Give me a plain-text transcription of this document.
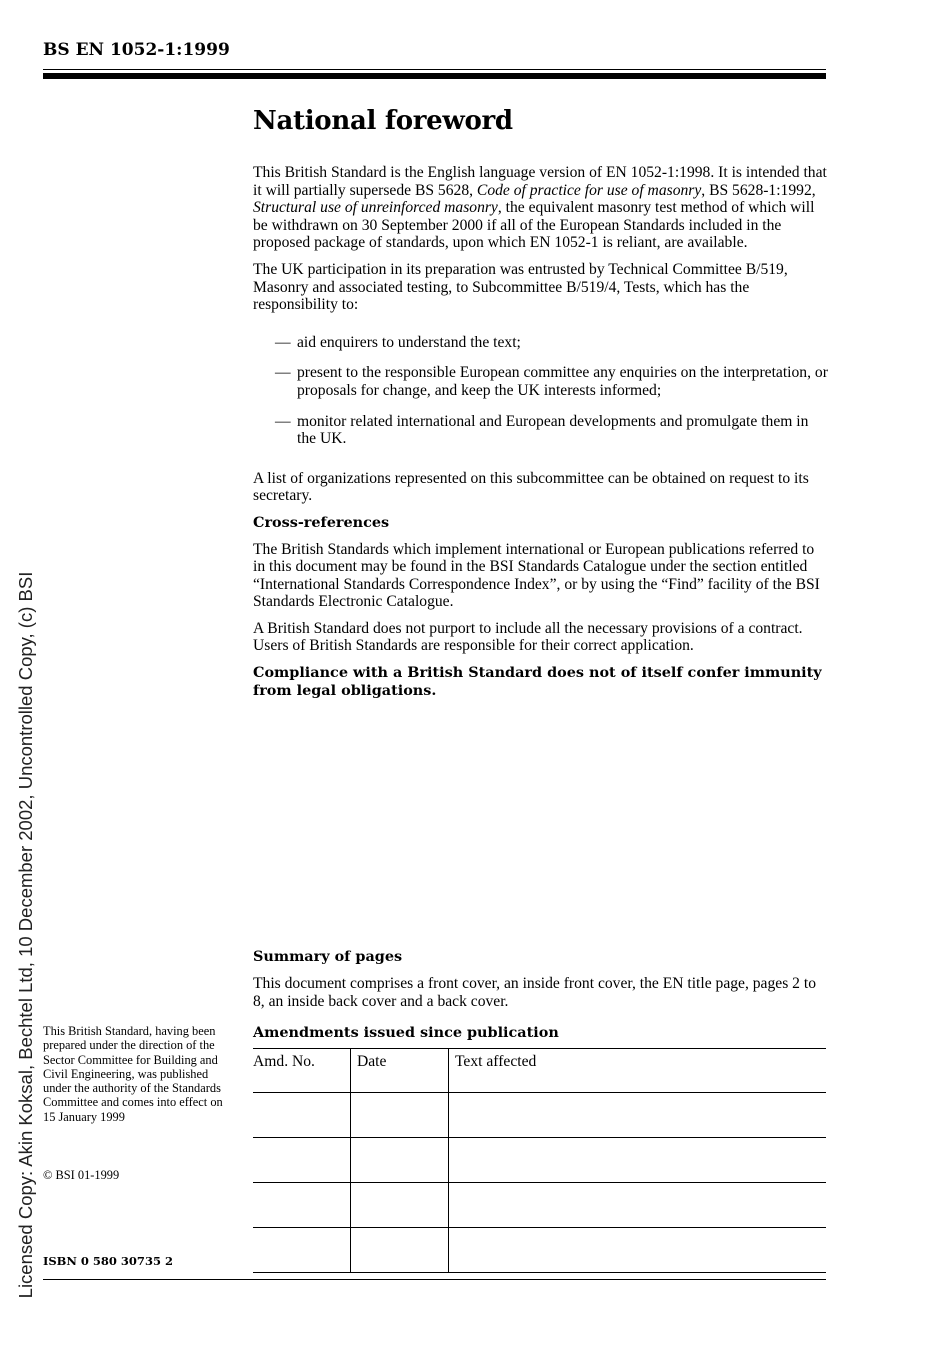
BS EN 1052-1:1999
National foreword

This British Standard is the English language version of EN 1052-1:1998. It is intended that it will partially supersede BS 5628, Code of practice for use of masonry, BS 5628-1:1992, Structural use of unreinforced masonry, the equivalent masonry test method of which will be withdrawn on 30 September 2000 if all of the European Standards included in the proposed package of standards, upon which EN 1052-1 is reliant, are available.

The UK participation in its preparation was entrusted by Technical Committee B/519, Masonry and associated testing, to Subcommittee B/519/4, Tests, which has the responsibility to:

— aid enquirers to understand the text;
— present to the responsible European committee any enquiries on the interpretation, or proposals for change, and keep the UK interests informed;
— monitor related international and European developments and promulgate them in the UK.

A list of organizations represented on this subcommittee can be obtained on request to its secretary.

Cross-references

The British Standards which implement international or European publications referred to in this document may be found in the BSI Standards Catalogue under the section entitled “International Standards Correspondence Index”, or by using the “Find” facility of the BSI Standards Electronic Catalogue.

A British Standard does not purport to include all the necessary provisions of a contract. Users of British Standards are responsible for their correct application.

Compliance with a British Standard does not of itself confer immunity from legal obligations.

Summary of pages
This document comprises a front cover, an inside front cover, the EN title page, pages 2 to 8, an inside back cover and a back cover.
Amendments issued since publication
Amd. No.	Date	Text affected

This British Standard, having been prepared under the direction of the Sector Committee for Building and Civil Engineering, was published under the authority of the Standards Committee and comes into effect on 15 January 1999
© BSI 01-1999
ISBN 0 580 30735 2
Licensed Copy: Akin Koksal, Bechtel Ltd, 10 December 2002, Uncontrolled Copy, (c) BSI
